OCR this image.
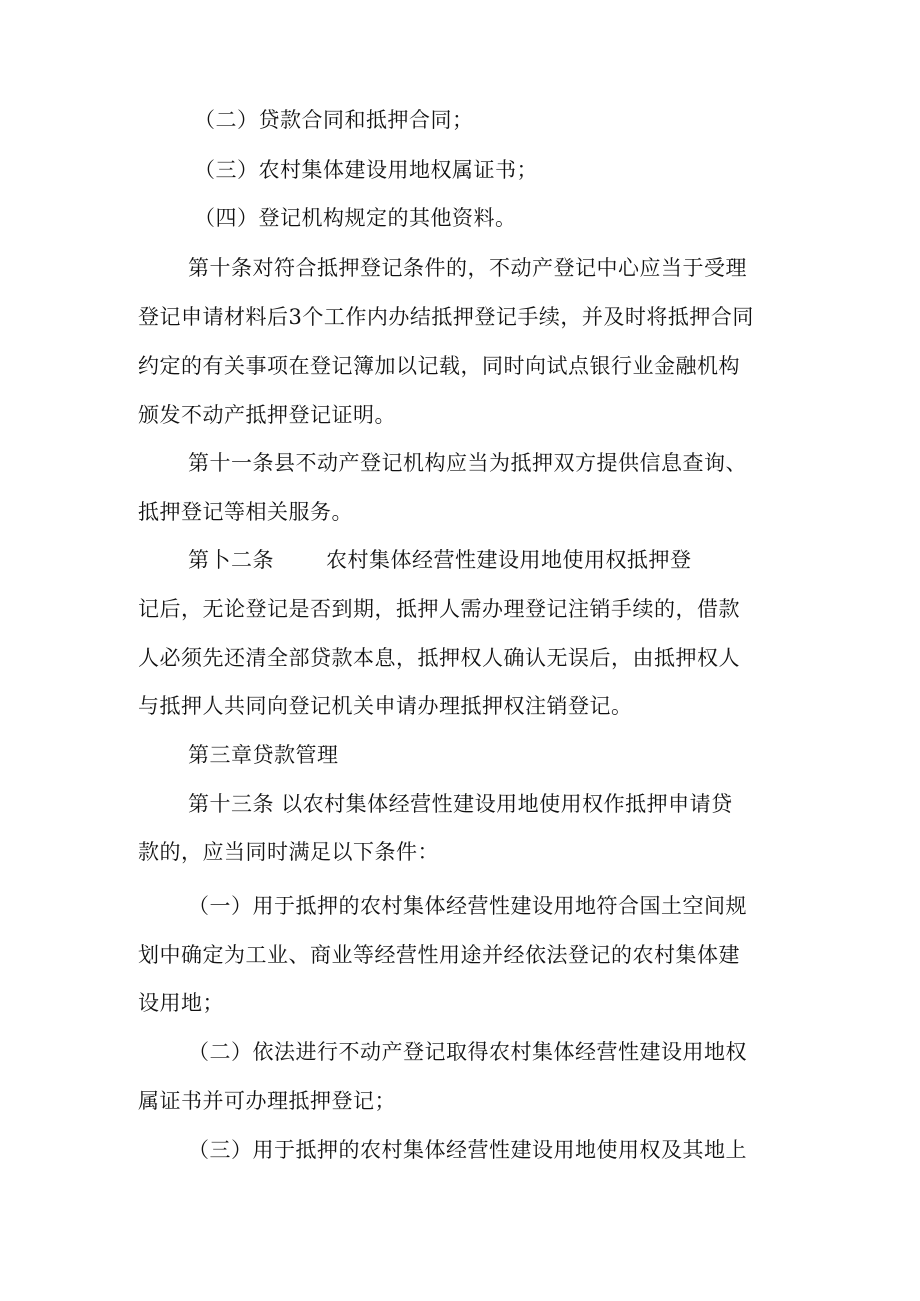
（二）贷款合同和抵押合同；
（三）农村集体建设用地权属证书；
（四）登记机构规定的其他资料。
第十条对符合抵押登记条件的，不动产登记中心应当于受理
登记申请材料后3个工作内办结抵押登记手续，并及时将抵押合同
约定的有关事项在登记簿加以记载，同时向试点银行业金融机构
颁发不动产抵押登记证明。
第十一条县不动产登记机构应当为抵押双方提供信息查询、
抵押登记等相关服务。
第卜二条 农村集体经营性建设用地使用权抵押登
记后，无论登记是否到期，抵押人需办理登记注销手续的，借款
人必须先还清全部贷款本息，抵押权人确认无误后，由抵押权人
与抵押人共同向登记机关申请办理抵押权注销登记。
第三章贷款管理
第十三条 以农村集体经营性建设用地使用权作抵押申请贷
款的，应当同时满足以下条件：
（一）用于抵押的农村集体经营性建设用地符合国土空间规
划中确定为工业、商业等经营性用途并经依法登记的农村集体建
设用地；
（二）依法进行不动产登记取得农村集体经营性建设用地权
属证书并可办理抵押登记；
（三）用于抵押的农村集体经营性建设用地使用权及其地上
